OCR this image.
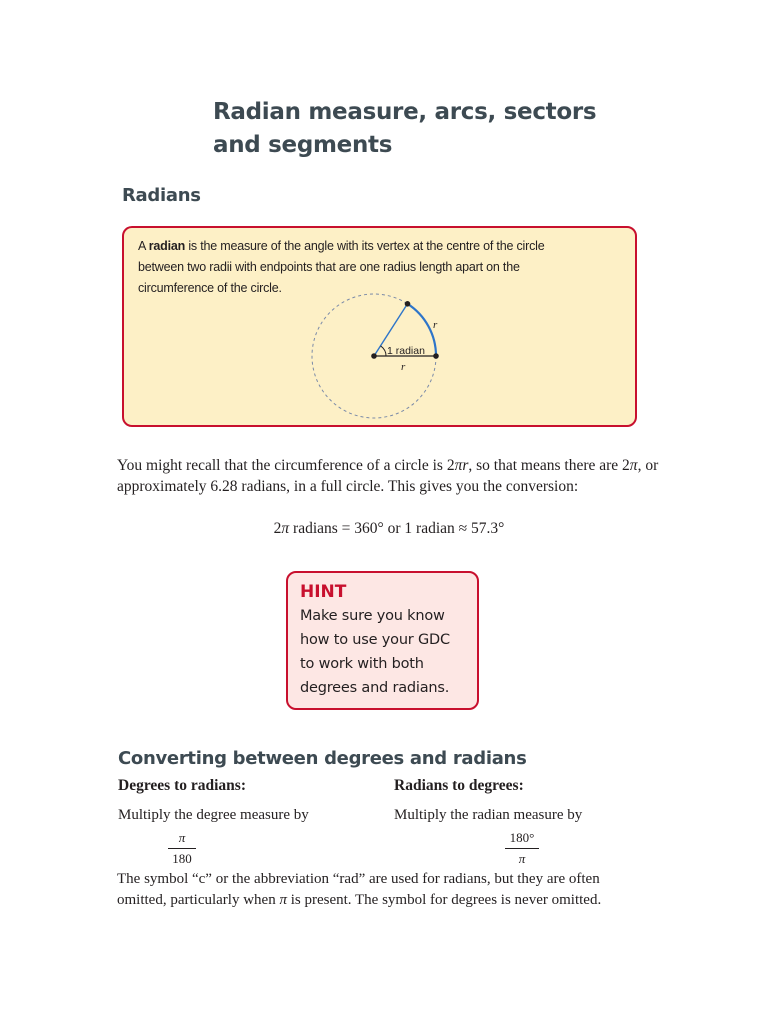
Radian measure, arcs, sectors
and segments
Radians
A radian is the measure of the angle with its vertex at the centre of the circle between two radii with endpoints that are one radius length apart on the circumference of the circle.
1 radian
r
r
You might recall that the circumference of a circle is 2πr, so that means there are 2π, or approximately 6.28 radians, in a full circle. This gives you the conversion:
2π radians = 360° or 1 radian ≈ 57.3°
HINT
Make sure you know
how to use your GDC
to work with both
degrees and radians.
Converting between degrees and radians
Degrees to radians:
Multiply the degree measure by
π
180
Radians to degrees:
Multiply the radian measure by
180°
π
The symbol “c” or the abbreviation “rad” are used for radians, but they are often omitted, particularly when π is present. The symbol for degrees is never omitted.
